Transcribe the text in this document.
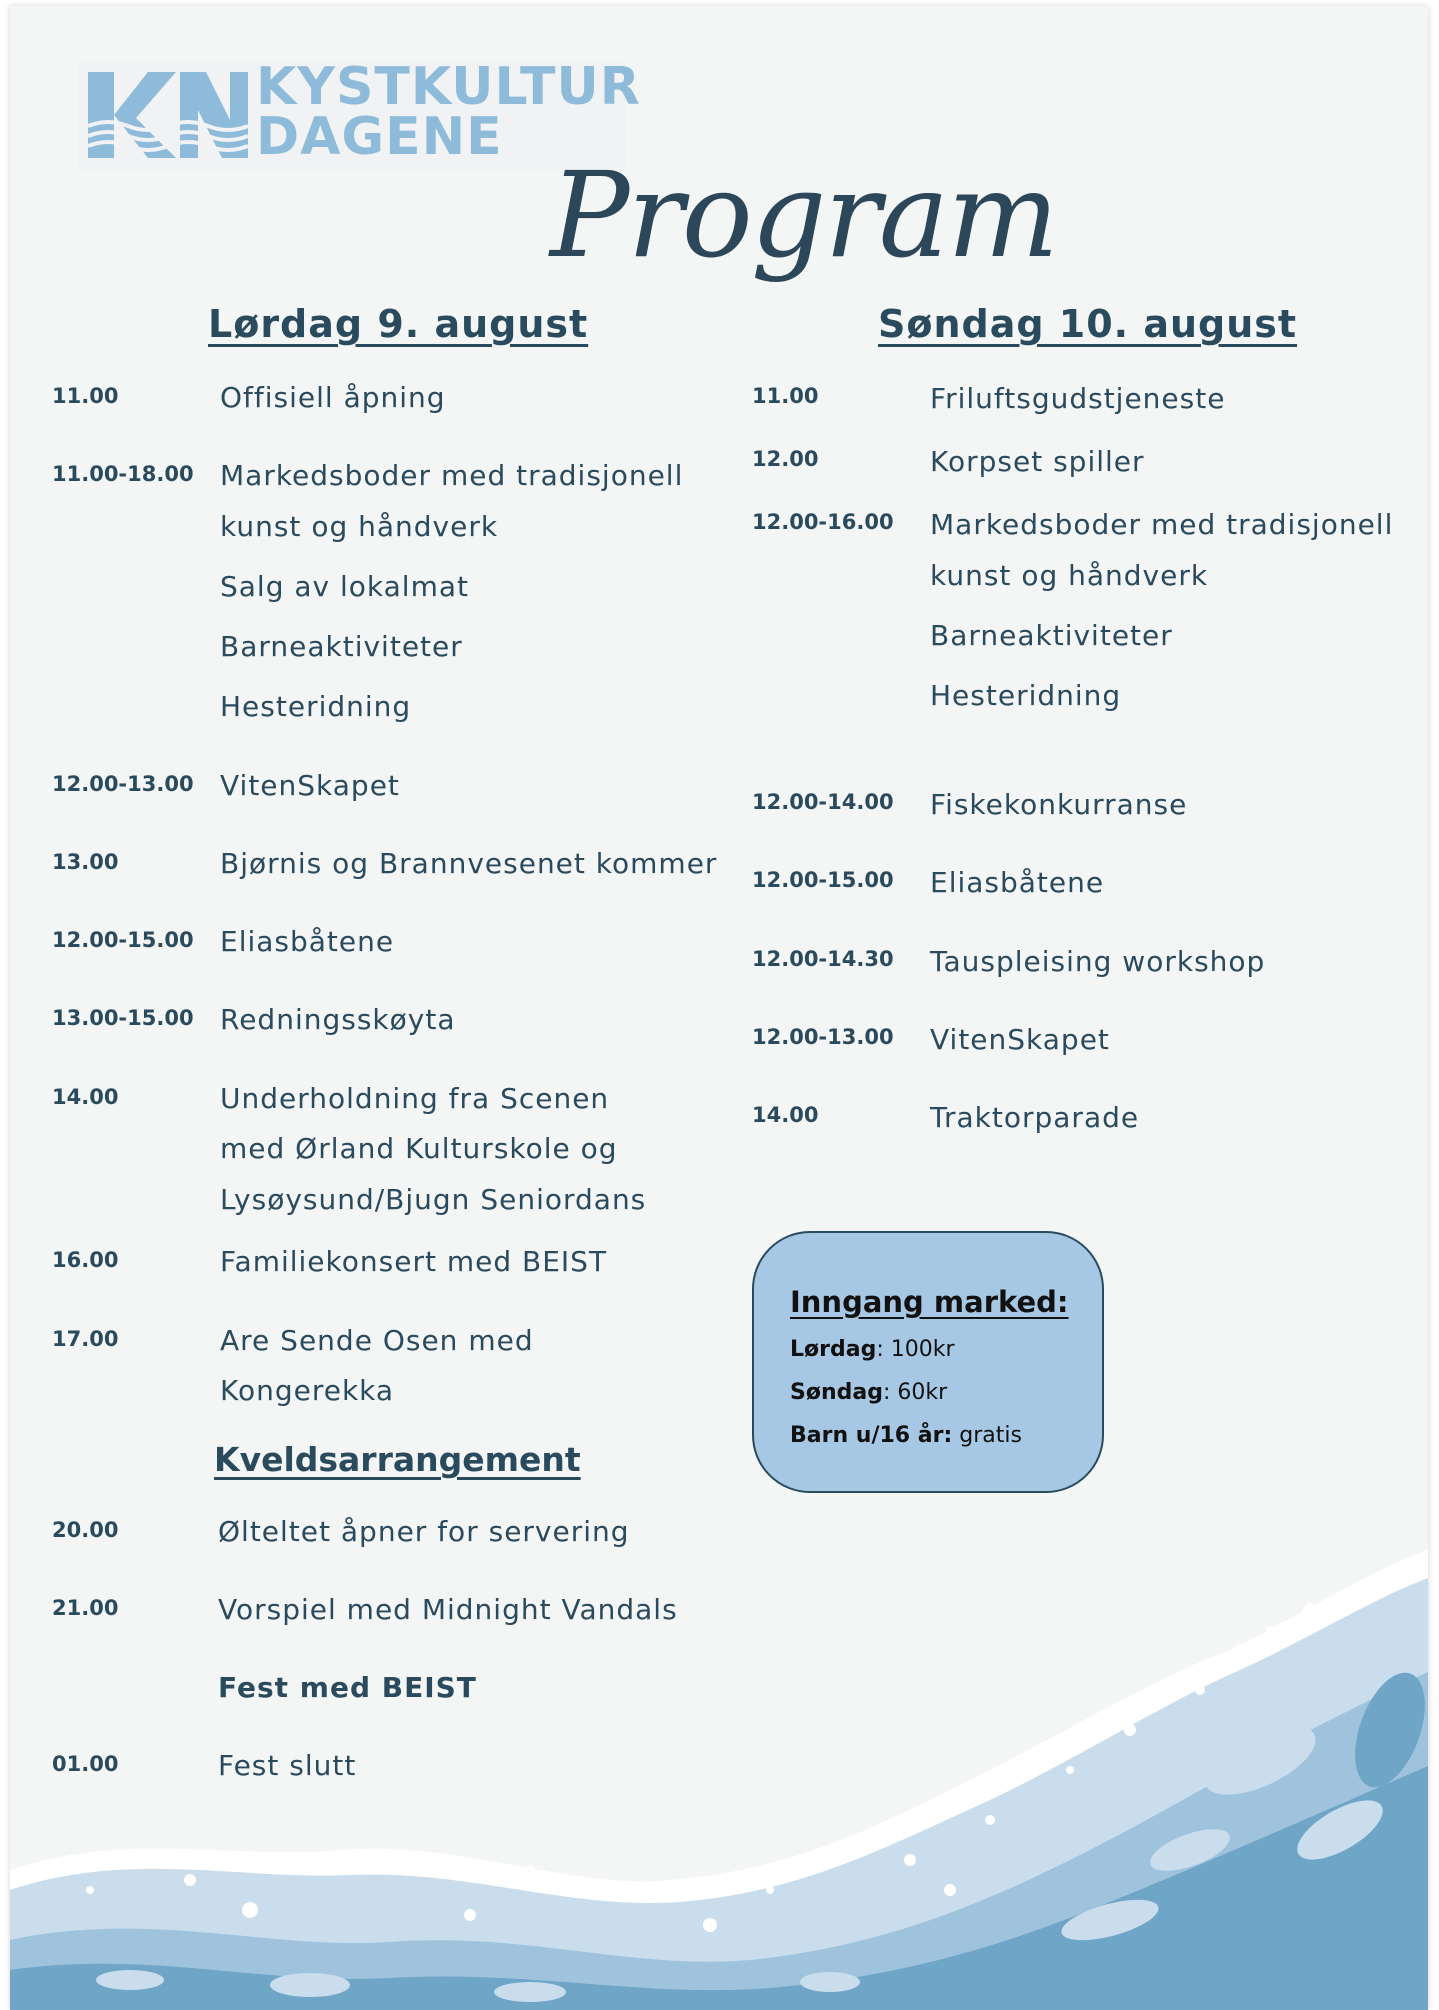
KYSTKULTUR
DAGENE
Program
Lørdag 9. august	Søndag 10. august
11.00	Offisiell åpning
11.00-18.00 Markedsboder med tradisjonell
kunst og håndverk
Salg av lokalmat
Barneaktiviteter
Hesteridning
12.00-13.00 VitenSkapet
13.00	Bjørnis og Brannvesenet kommer
12.00-15.00 Eliasbåtene
13.00-15.00 Redningsskøyta
14.00	Underholdning fra Scenen
med Ørland Kulturskole og
Lysøysund/Bjugn Seniordans
16.00	Familiekonsert med BEIST
17.00	Are Sende Osen med
Kongerekka
Kveldsarrangement
20.00	Ølteltet åpner for servering
21.00	Vorspiel med Midnight Vandals
Fest med BEIST
01.00	Fest slutt
11.00	Friluftsgudstjeneste
12.00	Korpset spiller
12.00-16.00 Markedsboder med tradisjonell
kunst og håndverk
Barneaktiviteter
Hesteridning
12.00-14.00 Fiskekonkurranse
12.00-15.00 Eliasbåtene
12.00-14.30 Tauspleising workshop
12.00-13.00 VitenSkapet
14.00	Traktorparade
Inngang marked:
Lørdag: 100kr
Søndag: 60kr
Barn u/16 år: gratis
